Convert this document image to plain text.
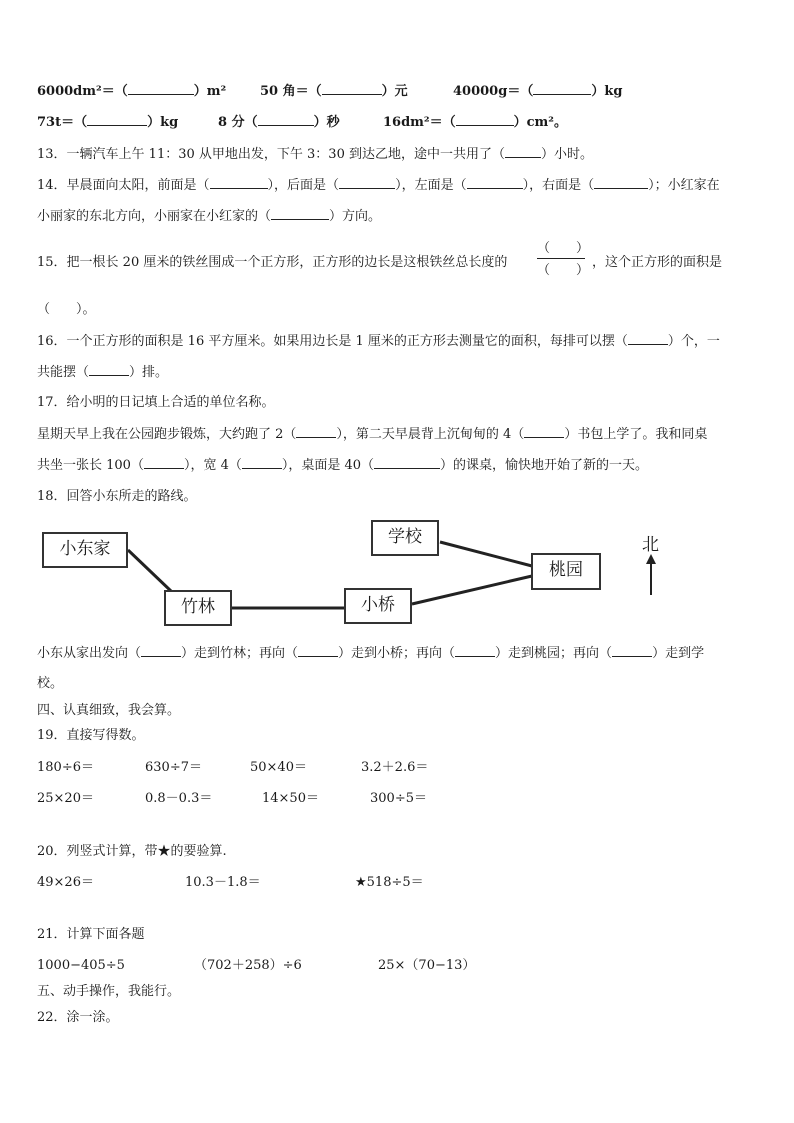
6000dm²＝（	）m²	50 角＝（	）元	40000g＝（	）kg
73t＝（	）kg	8 分（	）秒	16dm²＝（	）cm²。
13．一辆汽车上午 11：30 从甲地出发，下午 3：30 到达乙地，途中一共用了（	）小时。
14．早晨面向太阳，前面是（	），后面是（	），左面是（	），右面是（	）；小红家在
小丽家的东北方向，小丽家在小红家的（	）方向。
15．把一根长 20 厘米的铁丝围成一个正方形，正方形的边长是这根铁丝总长度的
（　　）
（　　）
，这个正方形的面积是
（　　）。
16．一个正方形的面积是 16 平方厘米。如果用边长是 1 厘米的正方形去测量它的面积，每排可以摆（	）个，一
共能摆（	）排。
17．给小明的日记填上合适的单位名称。
星期天早上我在公园跑步锻炼，大约跑了 2（	），第二天早晨背上沉甸甸的 4（	）书包上学了。我和同桌
共坐一张长 100（	），宽 4（	），桌面是 40（	）的课桌，愉快地开始了新的一天。
18．回答小东所走的路线。
小东家
竹林	小桥
学校
桃园
北
小东从家出发向（	）走到竹林；再向（	）走到小桥；再向（	）走到桃园；再向（	）走到学
校。
四、认真细致，我会算。
19．直接写得数。
180÷6＝	630÷7＝	50×40＝	3.2＋2.6＝
25×20＝	0.8－0.3＝	14×50＝	300÷5＝
20．列竖式计算，带★的要验算.
49×26＝	10.3－1.8＝	★518÷5＝
21．计算下面各题
1000−405÷5	（702＋258）÷6	25×（70−13）
五、动手操作，我能行。
22．涂一涂。
